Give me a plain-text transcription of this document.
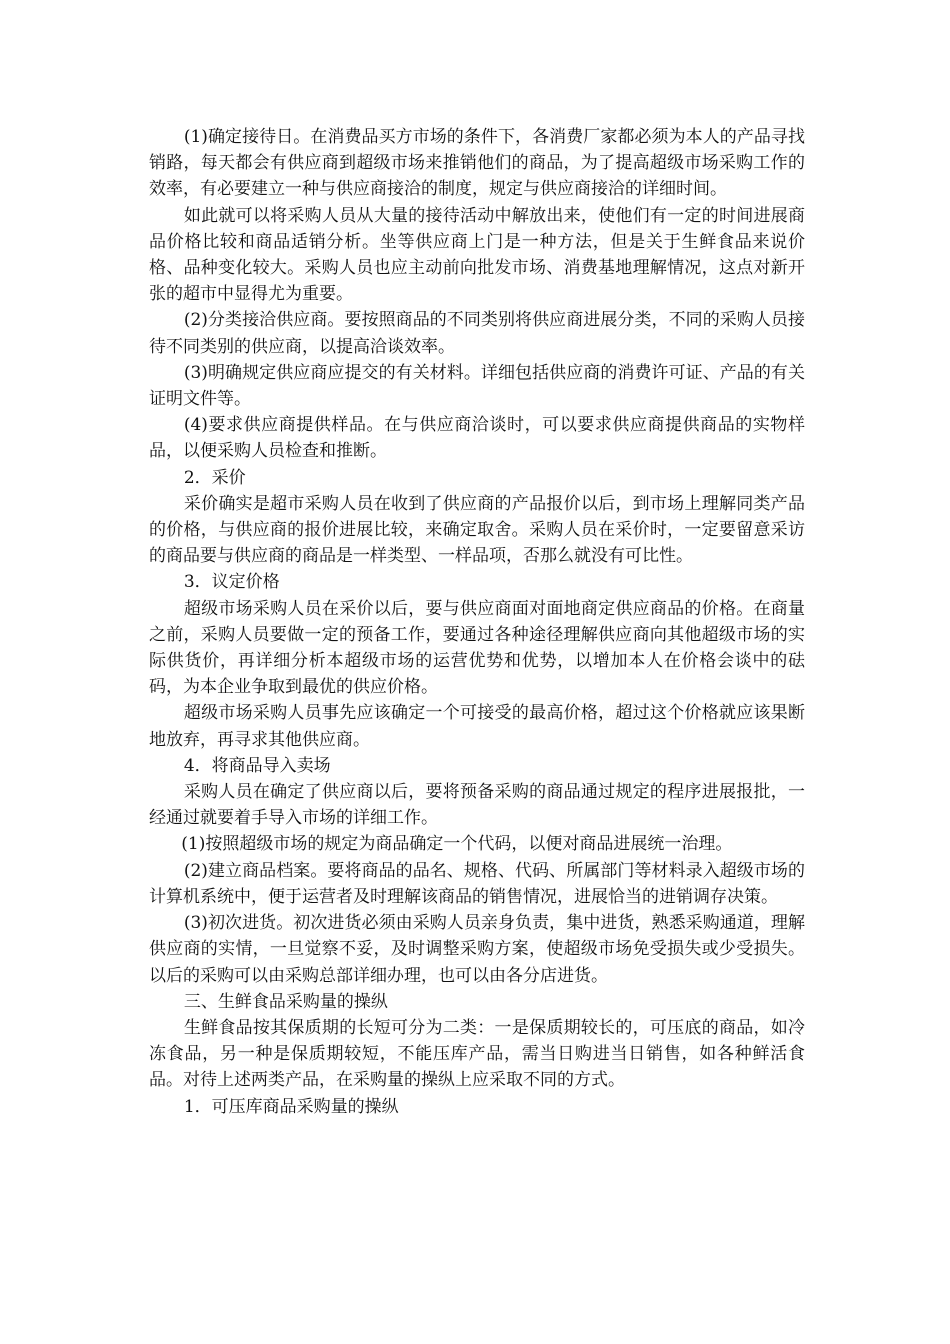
(1)确定接待日。在消费品买方市场的条件下，各消费厂家都必须为本人的产品寻找销路，每天都会有供应商到超级市场来推销他们的商品，为了提高超级市场采购工作的效率，有必要建立一种与供应商接洽的制度，规定与供应商接洽的详细时间。

如此就可以将采购人员从大量的接待活动中解放出来，使他们有一定的时间进展商品价格比较和商品适销分析。坐等供应商上门是一种方法，但是关于生鲜食品来说价格、品种变化较大。采购人员也应主动前向批发市场、消费基地理解情况，这点对新开张的超市中显得尤为重要。

(2)分类接洽供应商。要按照商品的不同类别将供应商进展分类，不同的采购人员接待不同类别的供应商，以提高洽谈效率。

(3)明确规定供应商应提交的有关材料。详细包括供应商的消费许可证、产品的有关证明文件等。

(4)要求供应商提供样品。在与供应商洽谈时，可以要求供应商提供商品的实物样品，以便采购人员检查和推断。

2．采价

采价确实是超市采购人员在收到了供应商的产品报价以后，到市场上理解同类产品的价格，与供应商的报价进展比较，来确定取舍。采购人员在采价时，一定要留意采访的商品要与供应商的商品是一样类型、一样品项，否那么就没有可比性。

3．议定价格

超级市场采购人员在采价以后，要与供应商面对面地商定供应商品的价格。在商量之前，采购人员要做一定的预备工作，要通过各种途径理解供应商向其他超级市场的实际供货价，再详细分析本超级市场的运营优势和优势，以增加本人在价格会谈中的砝码，为本企业争取到最优的供应价格。

超级市场采购人员事先应该确定一个可接受的最高价格，超过这个价格就应该果断地放弃，再寻求其他供应商。

4．将商品导入卖场

采购人员在确定了供应商以后，要将预备采购的商品通过规定的程序进展报批，一经通过就要着手导入市场的详细工作。

(1)按照超级市场的规定为商品确定一个代码，以便对商品进展统一治理。

(2)建立商品档案。要将商品的品名、规格、代码、所属部门等材料录入超级市场的计算机系统中，便于运营者及时理解该商品的销售情况，进展恰当的进销调存决策。

(3)初次进货。初次进货必须由采购人员亲身负责，集中进货，熟悉采购通道，理解供应商的实情，一旦觉察不妥，及时调整采购方案，使超级市场免受损失或少受损失。以后的采购可以由采购总部详细办理，也可以由各分店进货。

三、生鲜食品采购量的操纵

生鲜食品按其保质期的长短可分为二类：一是保质期较长的，可压底的商品，如冷冻食品，另一种是保质期较短，不能压库产品，需当日购进当日销售，如各种鲜活食品。对待上述两类产品，在采购量的操纵上应采取不同的方式。

1．可压库商品采购量的操纵
